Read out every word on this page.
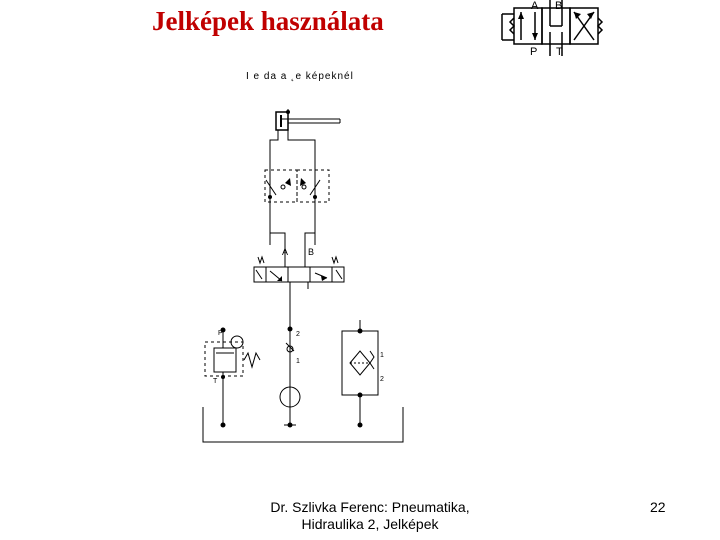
Jelképek használata	A B
P T
I e da a ˛e képeknél
A B
P
T
2
1
1
2
Dr. Szlivka Ferenc: Pneumatika,
Hidraulika 2, Jelképek
22
